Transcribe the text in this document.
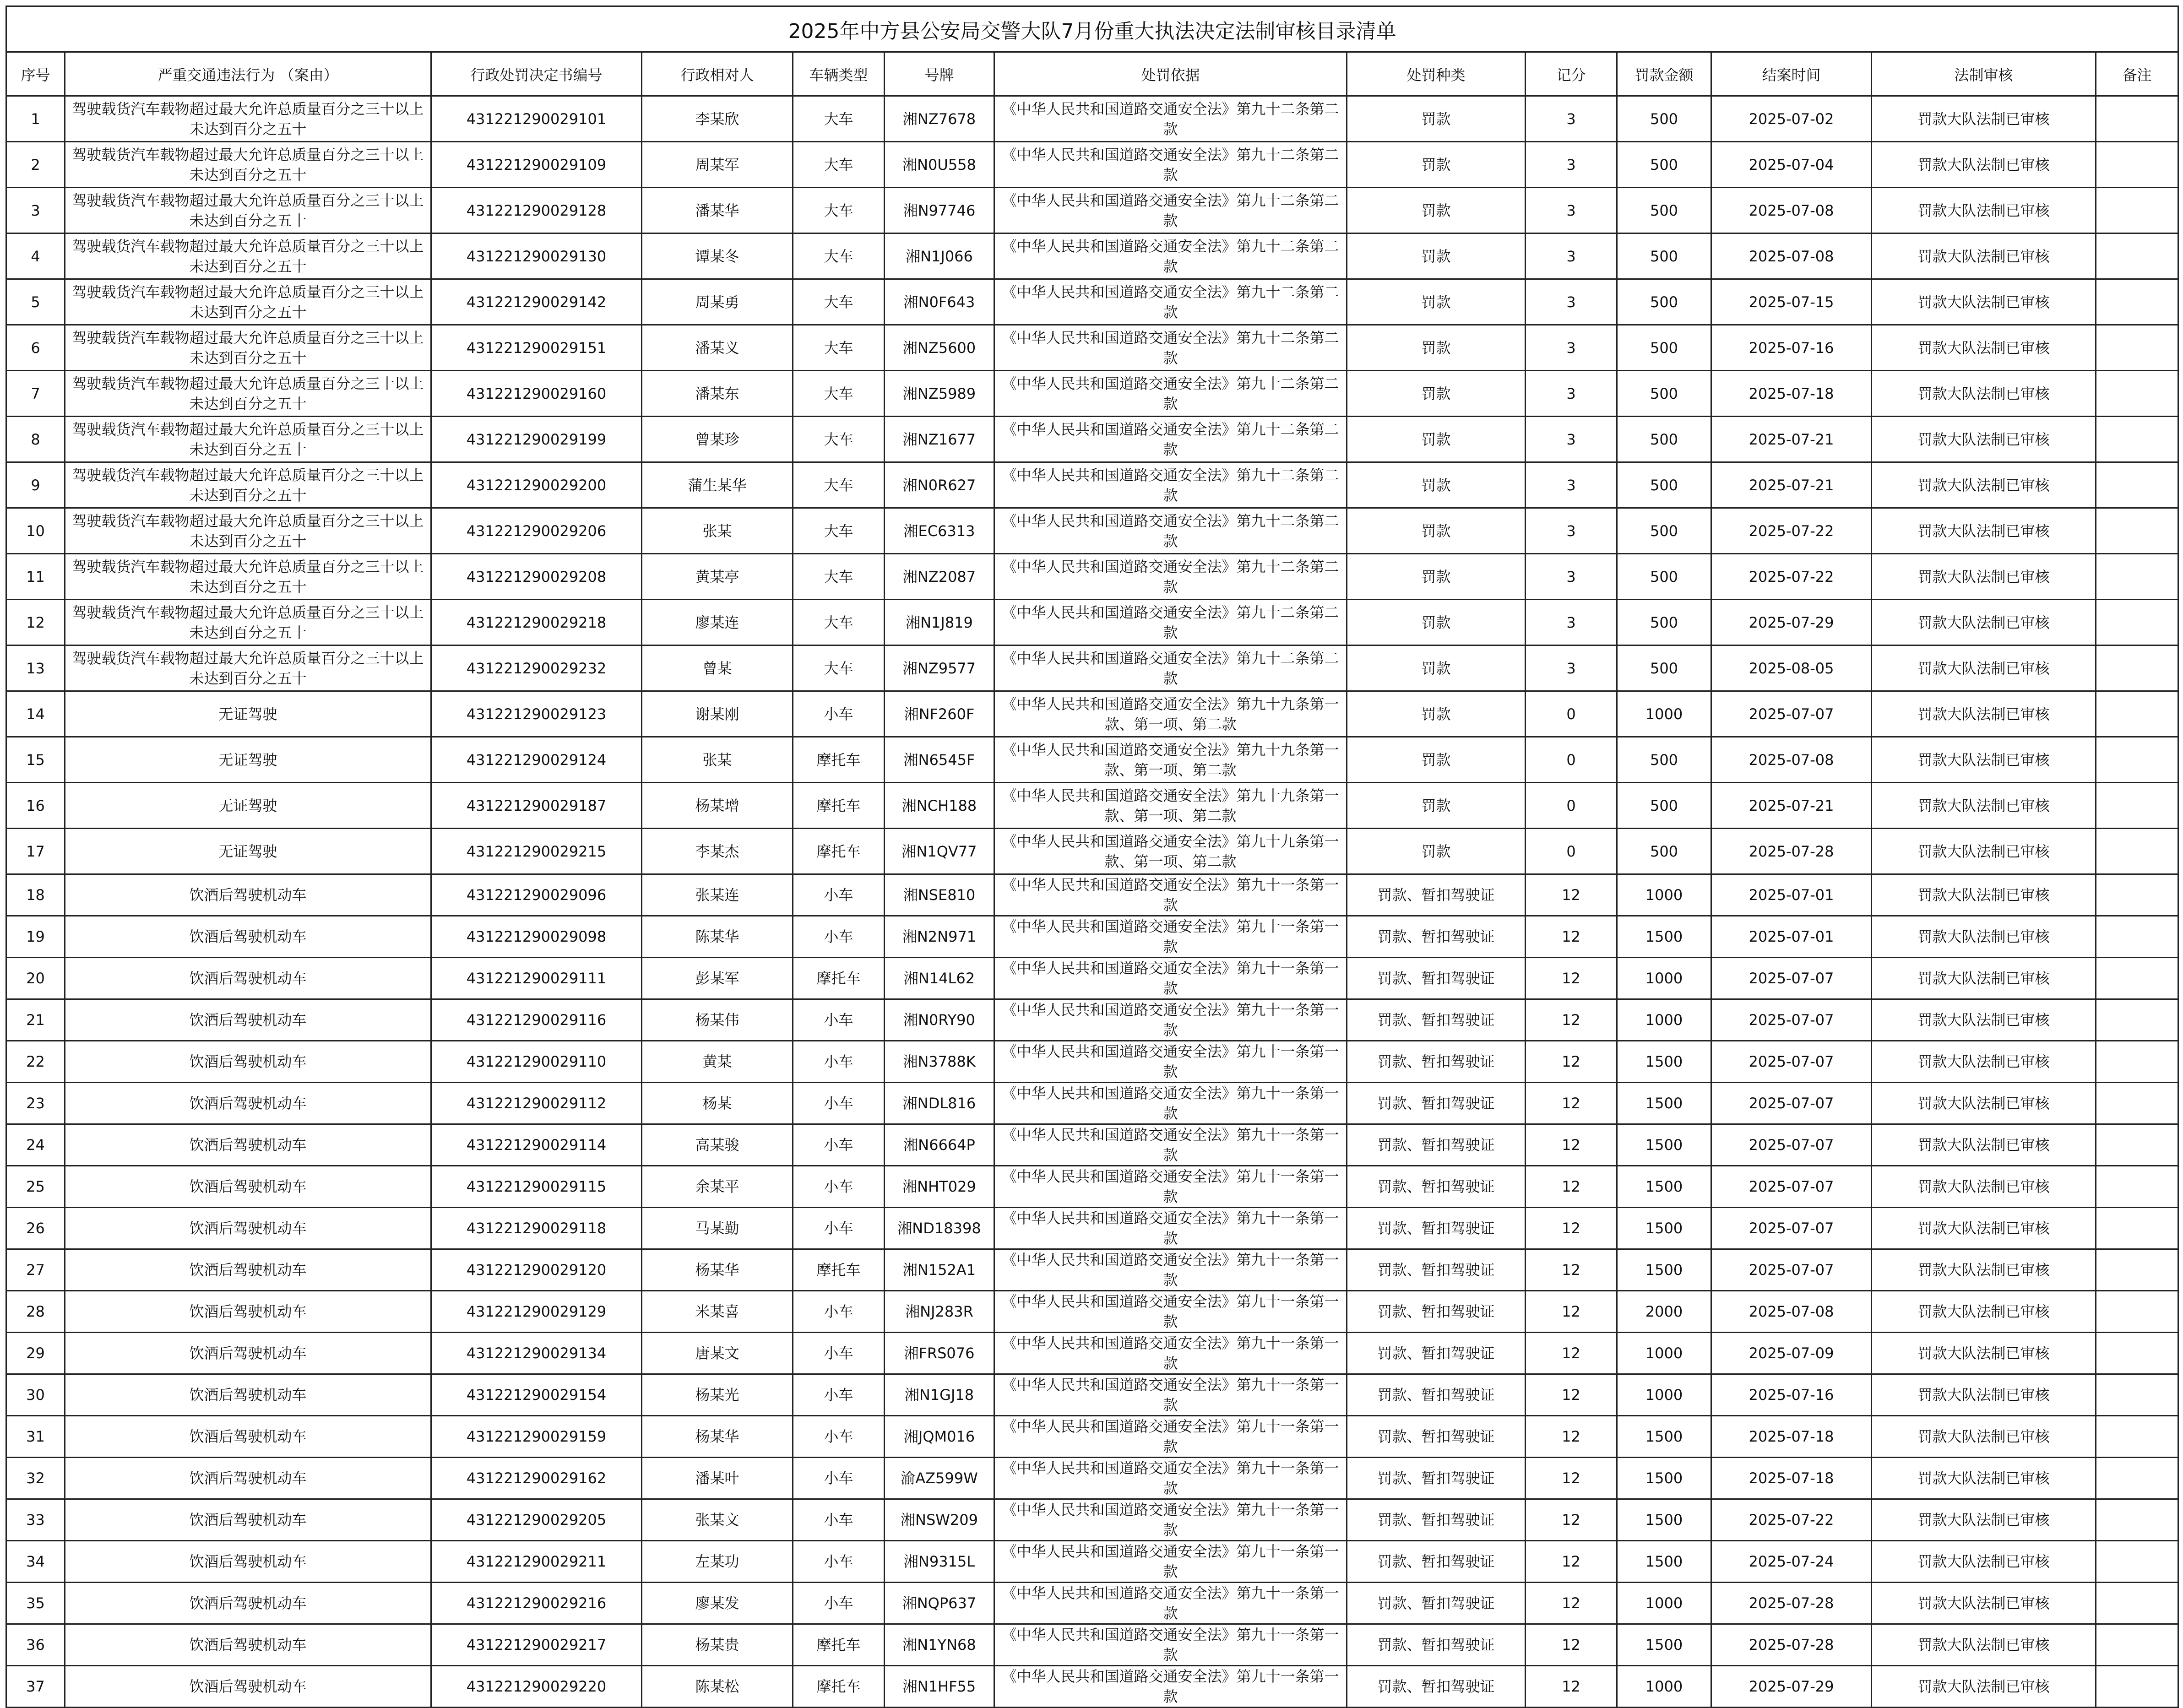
2025年中方县公安局交警大队7月份重大执法决定法制审核目录清单												
序号	严重交通违法行为 （案由）	行政处罚决定书编号	行政相对人	车辆类型	号牌	处罚依据	处罚种类	记分	罚款金额	结案时间	法制审核	备注
1	驾驶载货汽车载物超过最大允许总质量百分之三十以上未达到百分之五十	431221290029101	李某欣	大车	湘NZ7678	《中华人民共和国道路交通安全法》第九十二条第二款	罚款	3	500	2025-07-02	罚款大队法制已审核	
2	驾驶载货汽车载物超过最大允许总质量百分之三十以上未达到百分之五十	431221290029109	周某军	大车	湘N0U558	《中华人民共和国道路交通安全法》第九十二条第二款	罚款	3	500	2025-07-04	罚款大队法制已审核	
3	驾驶载货汽车载物超过最大允许总质量百分之三十以上未达到百分之五十	431221290029128	潘某华	大车	湘N97746	《中华人民共和国道路交通安全法》第九十二条第二款	罚款	3	500	2025-07-08	罚款大队法制已审核	
4	驾驶载货汽车载物超过最大允许总质量百分之三十以上未达到百分之五十	431221290029130	谭某冬	大车	湘N1J066	《中华人民共和国道路交通安全法》第九十二条第二款	罚款	3	500	2025-07-08	罚款大队法制已审核	
5	驾驶载货汽车载物超过最大允许总质量百分之三十以上未达到百分之五十	431221290029142	周某勇	大车	湘N0F643	《中华人民共和国道路交通安全法》第九十二条第二款	罚款	3	500	2025-07-15	罚款大队法制已审核	
6	驾驶载货汽车载物超过最大允许总质量百分之三十以上未达到百分之五十	431221290029151	潘某义	大车	湘NZ5600	《中华人民共和国道路交通安全法》第九十二条第二款	罚款	3	500	2025-07-16	罚款大队法制已审核	
7	驾驶载货汽车载物超过最大允许总质量百分之三十以上未达到百分之五十	431221290029160	潘某东	大车	湘NZ5989	《中华人民共和国道路交通安全法》第九十二条第二款	罚款	3	500	2025-07-18	罚款大队法制已审核	
8	驾驶载货汽车载物超过最大允许总质量百分之三十以上未达到百分之五十	431221290029199	曾某珍	大车	湘NZ1677	《中华人民共和国道路交通安全法》第九十二条第二款	罚款	3	500	2025-07-21	罚款大队法制已审核	
9	驾驶载货汽车载物超过最大允许总质量百分之三十以上未达到百分之五十	431221290029200	蒲生某华	大车	湘N0R627	《中华人民共和国道路交通安全法》第九十二条第二款	罚款	3	500	2025-07-21	罚款大队法制已审核	
10	驾驶载货汽车载物超过最大允许总质量百分之三十以上未达到百分之五十	431221290029206	张某	大车	湘EC6313	《中华人民共和国道路交通安全法》第九十二条第二款	罚款	3	500	2025-07-22	罚款大队法制已审核	
11	驾驶载货汽车载物超过最大允许总质量百分之三十以上未达到百分之五十	431221290029208	黄某亭	大车	湘NZ2087	《中华人民共和国道路交通安全法》第九十二条第二款	罚款	3	500	2025-07-22	罚款大队法制已审核	
12	驾驶载货汽车载物超过最大允许总质量百分之三十以上未达到百分之五十	431221290029218	廖某连	大车	湘N1J819	《中华人民共和国道路交通安全法》第九十二条第二款	罚款	3	500	2025-07-29	罚款大队法制已审核	
13	驾驶载货汽车载物超过最大允许总质量百分之三十以上未达到百分之五十	431221290029232	曾某	大车	湘NZ9577	《中华人民共和国道路交通安全法》第九十二条第二款	罚款	3	500	2025-08-05	罚款大队法制已审核	
14	无证驾驶	431221290029123	谢某刚	小车	湘NF260F	《中华人民共和国道路交通安全法》第九十九条第一款、第一项、第二款	罚款	0	1000	2025-07-07	罚款大队法制已审核	
15	无证驾驶	431221290029124	张某	摩托车	湘N6545F	《中华人民共和国道路交通安全法》第九十九条第一款、第一项、第二款	罚款	0	500	2025-07-08	罚款大队法制已审核	
16	无证驾驶	431221290029187	杨某增	摩托车	湘NCH188	《中华人民共和国道路交通安全法》第九十九条第一款、第一项、第二款	罚款	0	500	2025-07-21	罚款大队法制已审核	
17	无证驾驶	431221290029215	李某杰	摩托车	湘N1QV77	《中华人民共和国道路交通安全法》第九十九条第一款、第一项、第二款	罚款	0	500	2025-07-28	罚款大队法制已审核	
18	饮酒后驾驶机动车	431221290029096	张某连	小车	湘NSE810	《中华人民共和国道路交通安全法》第九十一条第一款	罚款、暂扣驾驶证	12	1000	2025-07-01	罚款大队法制已审核	
19	饮酒后驾驶机动车	431221290029098	陈某华	小车	湘N2N971	《中华人民共和国道路交通安全法》第九十一条第一款	罚款、暂扣驾驶证	12	1500	2025-07-01	罚款大队法制已审核	
20	饮酒后驾驶机动车	431221290029111	彭某军	摩托车	湘N14L62	《中华人民共和国道路交通安全法》第九十一条第一款	罚款、暂扣驾驶证	12	1000	2025-07-07	罚款大队法制已审核	
21	饮酒后驾驶机动车	431221290029116	杨某伟	小车	湘N0RY90	《中华人民共和国道路交通安全法》第九十一条第一款	罚款、暂扣驾驶证	12	1000	2025-07-07	罚款大队法制已审核	
22	饮酒后驾驶机动车	431221290029110	黄某	小车	湘N3788K	《中华人民共和国道路交通安全法》第九十一条第一款	罚款、暂扣驾驶证	12	1500	2025-07-07	罚款大队法制已审核	
23	饮酒后驾驶机动车	431221290029112	杨某	小车	湘NDL816	《中华人民共和国道路交通安全法》第九十一条第一款	罚款、暂扣驾驶证	12	1500	2025-07-07	罚款大队法制已审核	
24	饮酒后驾驶机动车	431221290029114	高某骏	小车	湘N6664P	《中华人民共和国道路交通安全法》第九十一条第一款	罚款、暂扣驾驶证	12	1500	2025-07-07	罚款大队法制已审核	
25	饮酒后驾驶机动车	431221290029115	余某平	小车	湘NHT029	《中华人民共和国道路交通安全法》第九十一条第一款	罚款、暂扣驾驶证	12	1500	2025-07-07	罚款大队法制已审核	
26	饮酒后驾驶机动车	431221290029118	马某勤	小车	湘ND18398	《中华人民共和国道路交通安全法》第九十一条第一款	罚款、暂扣驾驶证	12	1500	2025-07-07	罚款大队法制已审核	
27	饮酒后驾驶机动车	431221290029120	杨某华	摩托车	湘N152A1	《中华人民共和国道路交通安全法》第九十一条第一款	罚款、暂扣驾驶证	12	1500	2025-07-07	罚款大队法制已审核	
28	饮酒后驾驶机动车	431221290029129	米某喜	小车	湘NJ283R	《中华人民共和国道路交通安全法》第九十一条第一款	罚款、暂扣驾驶证	12	2000	2025-07-08	罚款大队法制已审核	
29	饮酒后驾驶机动车	431221290029134	唐某文	小车	湘FRS076	《中华人民共和国道路交通安全法》第九十一条第一款	罚款、暂扣驾驶证	12	1000	2025-07-09	罚款大队法制已审核	
30	饮酒后驾驶机动车	431221290029154	杨某光	小车	湘N1GJ18	《中华人民共和国道路交通安全法》第九十一条第一款	罚款、暂扣驾驶证	12	1000	2025-07-16	罚款大队法制已审核	
31	饮酒后驾驶机动车	431221290029159	杨某华	小车	湘JQM016	《中华人民共和国道路交通安全法》第九十一条第一款	罚款、暂扣驾驶证	12	1500	2025-07-18	罚款大队法制已审核	
32	饮酒后驾驶机动车	431221290029162	潘某叶	小车	渝AZ599W	《中华人民共和国道路交通安全法》第九十一条第一款	罚款、暂扣驾驶证	12	1500	2025-07-18	罚款大队法制已审核	
33	饮酒后驾驶机动车	431221290029205	张某文	小车	湘NSW209	《中华人民共和国道路交通安全法》第九十一条第一款	罚款、暂扣驾驶证	12	1500	2025-07-22	罚款大队法制已审核	
34	饮酒后驾驶机动车	431221290029211	左某功	小车	湘N9315L	《中华人民共和国道路交通安全法》第九十一条第一款	罚款、暂扣驾驶证	12	1500	2025-07-24	罚款大队法制已审核	
35	饮酒后驾驶机动车	431221290029216	廖某发	小车	湘NQP637	《中华人民共和国道路交通安全法》第九十一条第一款	罚款、暂扣驾驶证	12	1000	2025-07-28	罚款大队法制已审核	
36	饮酒后驾驶机动车	431221290029217	杨某贵	摩托车	湘N1YN68	《中华人民共和国道路交通安全法》第九十一条第一款	罚款、暂扣驾驶证	12	1500	2025-07-28	罚款大队法制已审核	
37	饮酒后驾驶机动车	431221290029220	陈某松	摩托车	湘N1HF55	《中华人民共和国道路交通安全法》第九十一条第一款	罚款、暂扣驾驶证	12	1000	2025-07-29	罚款大队法制已审核	
